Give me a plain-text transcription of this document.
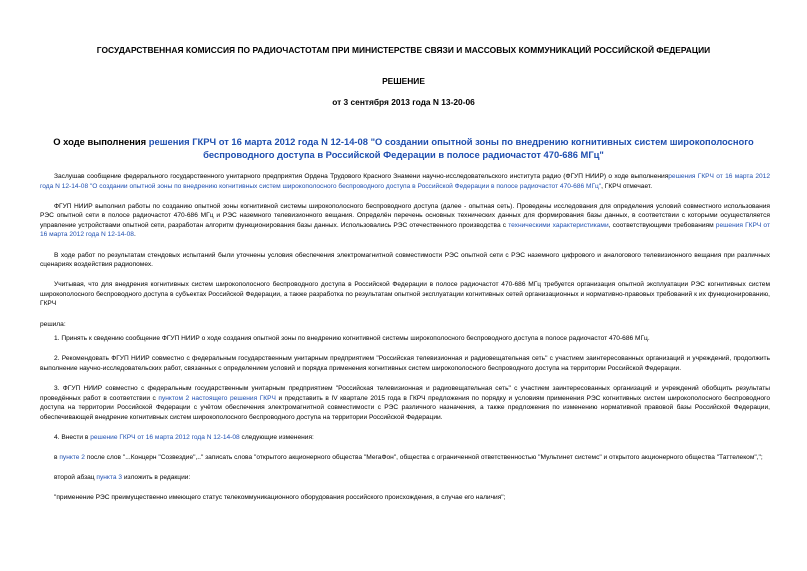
ГОСУДАРСТВЕННАЯ КОМИССИЯ ПО РАДИОЧАСТОТАМ ПРИ МИНИСТЕРСТВЕ СВЯЗИ И МАССОВЫХ КОММУНИКАЦИЙ РОССИЙСКОЙ ФЕДЕРАЦИИ
РЕШЕНИЕ
от 3 сентября 2013 года N 13-20-06
О ходе выполнения решения ГКРЧ от 16 марта 2012 года N 12-14-08 "О создании опытной зоны по внедрению когнитивных систем широкополосного беспроводного доступа в Российской Федерации в полосе радиочастот 470-686 МГц"

Заслушав сообщение федерального государственного унитарного предприятия Ордена Трудового Красного Знамени научно-исследовательского института радио (ФГУП НИИР) о ходе выполнениярешения ГКРЧ от 16 марта 2012 года N 12-14-08 "О создании опытной зоны по внедрению когнитивных систем широкополосного беспроводного доступа в Российской Федерации в полосе радиочастот 470-686 МГц", ГКРЧ отмечает.

ФГУП НИИР выполнил работы по созданию опытной зоны когнитивной системы широкополосного беспроводного доступа (далее - опытная сеть). Проведены исследования для определения условий совместного использования РЭС опытной сети в полосе радиочастот 470-686 МГц и РЭС наземного телевизионного вещания. Определён перечень основных технических данных для формирования базы данных, в соответствии с которыми осуществляется управление устройствами опытной сети, разработан алгоритм функционирования базы данных. Использовались РЭС отечественного производства с техническими характеристиками, соответствующими требованиям решения ГКРЧ от 16 марта 2012 года N 12-14-08.

В ходе работ по результатам стендовых испытаний были уточнены условия обеспечения электромагнитной совместимости РЭС опытной сети с РЭС наземного цифрового и аналогового телевизионного вещания при различных сценариях воздействия радиопомех.

Учитывая, что для внедрения когнитивных систем широкополосного беспроводного доступа в Российской Федерации в полосе радиочастот 470-686 МГц требуется организация опытной эксплуатации РЭС когнитивных систем широкополосного беспроводного доступа в субъектах Российской Федерации, а также разработка по результатам опытной эксплуатации когнитивных сетей организационных и нормативно-правовых требований к их функционированию, ГКРЧ

решила:

1. Принять к сведению сообщение ФГУП НИИР о ходе создания опытной зоны по внедрению когнитивной системы широкополосного беспроводного доступа в полосе радиочастот 470-686 МГц.

2. Рекомендовать ФГУП НИИР совместно с федеральным государственным унитарным предприятием "Российская телевизионная и радиовещательная сеть" с участием заинтересованных организаций и учреждений, продолжить выполнение научно-исследовательских работ, связанных с определением условий и порядка применения когнитивных систем широкополосного беспроводного доступа на территории Российской Федерации.

3. ФГУП НИИР совместно с федеральным государственным унитарным предприятием "Российская телевизионная и радиовещательная сеть" с участием заинтересованных организаций и учреждений обобщить результаты проведённых работ в соответствии с пунктом 2 настоящего решения ГКРЧ и представить в IV квартале 2015 года в ГКРЧ предложения по порядку и условиям применения РЭС когнитивных систем широкополосного беспроводного доступа на территории Российской Федерации с учётом обеспечения электромагнитной совместимости с РЭС различного назначения, а также предложения по изменению нормативной правовой базы Российской Федерации, обеспечивающей внедрение когнитивных систем широкополосного беспроводного доступа на территории Российской Федерации.

4. Внести в решение ГКРЧ от 16 марта 2012 года N 12-14-08 следующие изменения:

в пункте 2 после слов "...Концерн "Созвездие",.." записать слова "открытого акционерного общества "МегаФон", общества с ограниченной ответственностью "Мультинет системс" и открытого акционерного общества "Таттелеком",";

второй абзац пункта 3 изложить в редакции:

"применение РЭС преимущественно имеющего статус телекоммуникационного оборудования российского происхождения, в случае его наличия";
